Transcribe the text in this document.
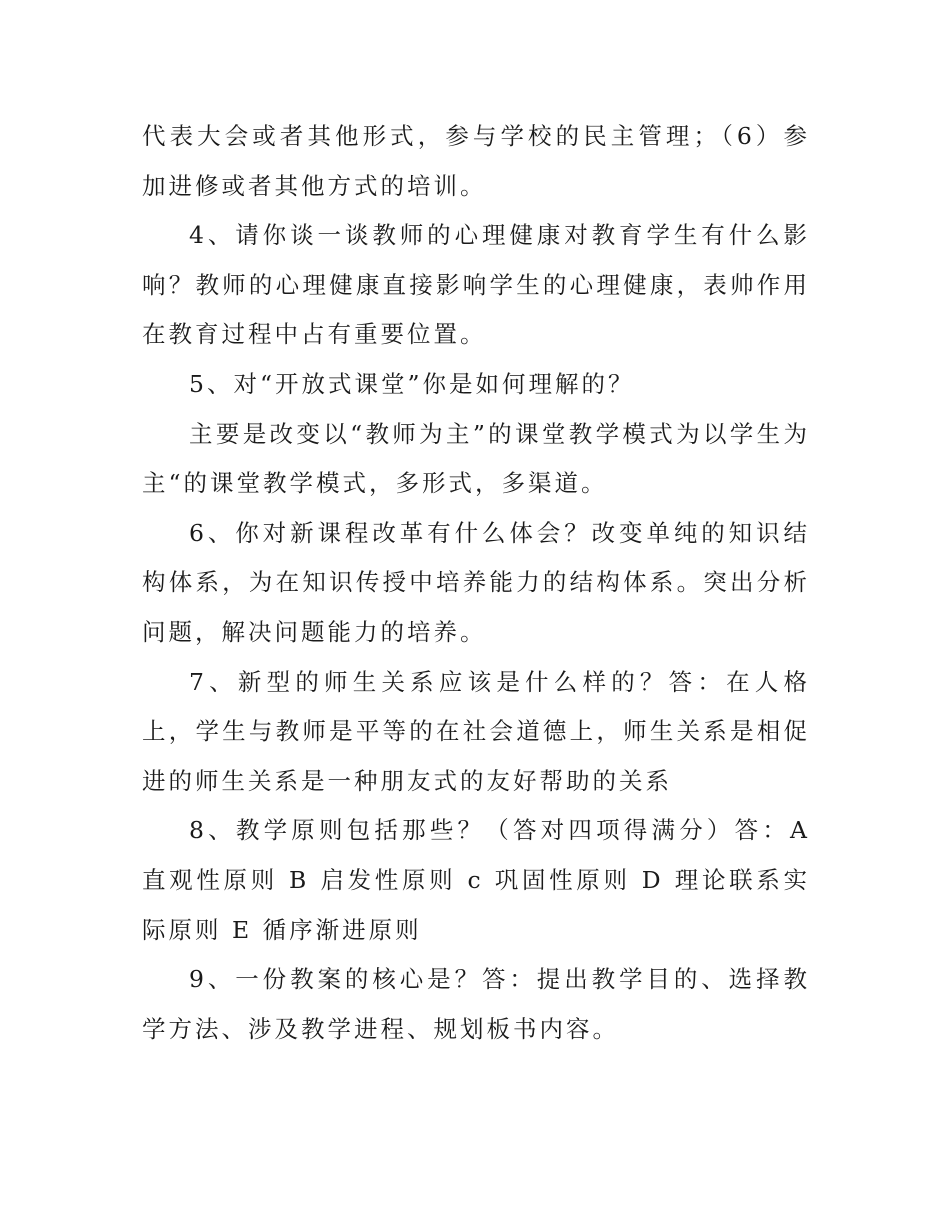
代表大会或者其他形式，参与学校的民主管理；（6）参加进修或者其他方式的培训。

4、请你谈一谈教师的心理健康对教育学生有什么影响？教师的心理健康直接影响学生的心理健康，表帅作用在教育过程中占有重要位置。

5、对“开放式课堂”你是如何理解的？

主要是改变以“教师为主”的课堂教学模式为以学生为主“的课堂教学模式，多形式，多渠道。

6、你对新课程改革有什么体会？改变单纯的知识结构体系，为在知识传授中培养能力的结构体系。突出分析问题，解决问题能力的培养。

7、新型的师生关系应该是什么样的？答：在人格上，学生与教师是平等的在社会道德上，师生关系是相促进的师生关系是一种朋友式的友好帮助的关系

8、教学原则包括那些？（答对四项得满分）答：A 直观性原则 B 启发性原则 c 巩固性原则 D 理论联系实际原则 E 循序渐进原则

9、一份教案的核心是？答：提出教学目的、选择教学方法、涉及教学进程、规划板书内容。
